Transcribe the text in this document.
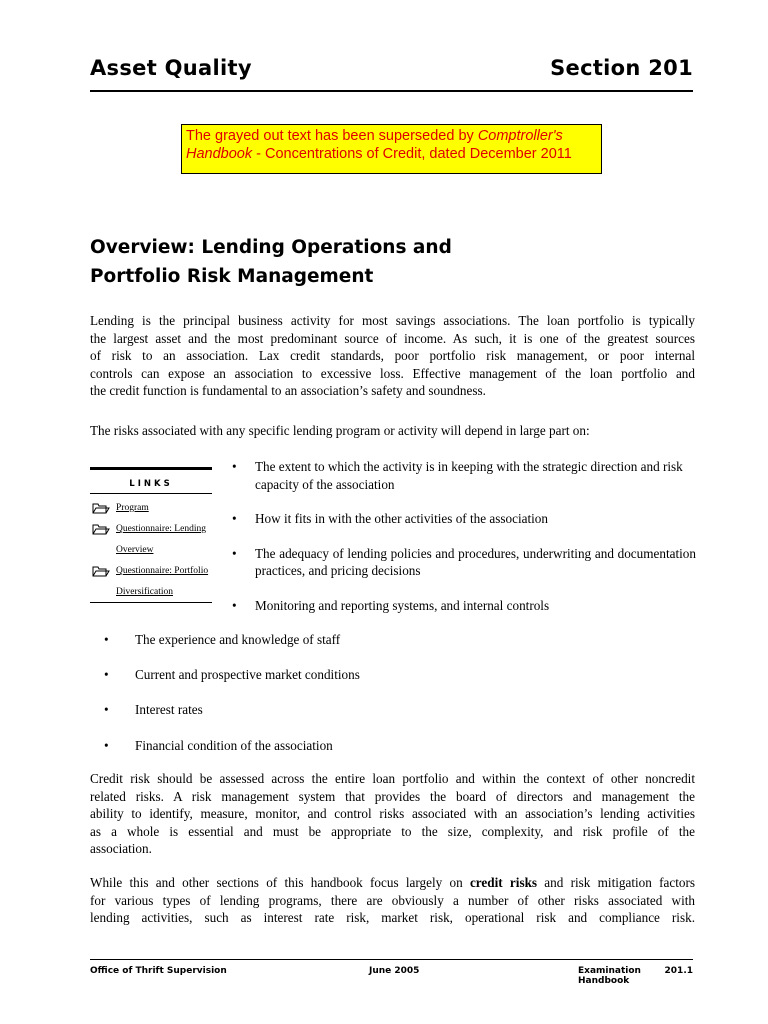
Asset Quality	Section 201
The grayed out text has been superseded by Comptroller's Handbook - Concentrations of Credit, dated December 2011
Overview: Lending Operations and
Portfolio Risk Management
Lending is the principal business activity for most savings associations. The loan portfolio is typically
the largest asset and the most predominant source of income. As such, it is one of the greatest sources
of risk to an association. Lax credit standards, poor portfolio risk management, or poor internal
controls can expose an association to excessive loss. Effective management of the loan portfolio and
the credit function is fundamental to an association’s safety and soundness.
The risks associated with any specific lending program or activity will depend in large part on:
LINKS
Program
Questionnaire: Lending
Overview
Questionnaire: Portfolio
Diversification
• The extent to which the activity is in keeping with the strategic direction and risk capacity of the association
• How it fits in with the other activities of the association
• The adequacy of lending policies and procedures, underwriting and documentation practices, and pricing decisions
• Monitoring and reporting systems, and internal controls
• The experience and knowledge of staff
• Current and prospective market conditions
• Interest rates
• Financial condition of the association
Credit risk should be assessed across the entire loan portfolio and within the context of other noncredit
related risks. A risk management system that provides the board of directors and management the
ability to identify, measure, monitor, and control risks associated with an association’s lending activities
as a whole is essential and must be appropriate to the size, complexity, and risk profile of the
association.
While this and other sections of this handbook focus largely on credit risks and risk mitigation factors
for various types of lending programs, there are obviously a number of other risks associated with
lending activities, such as interest rate risk, market risk, operational risk and compliance risk.
Office of Thrift Supervision	June 2005	Examination Handbook
201.1
